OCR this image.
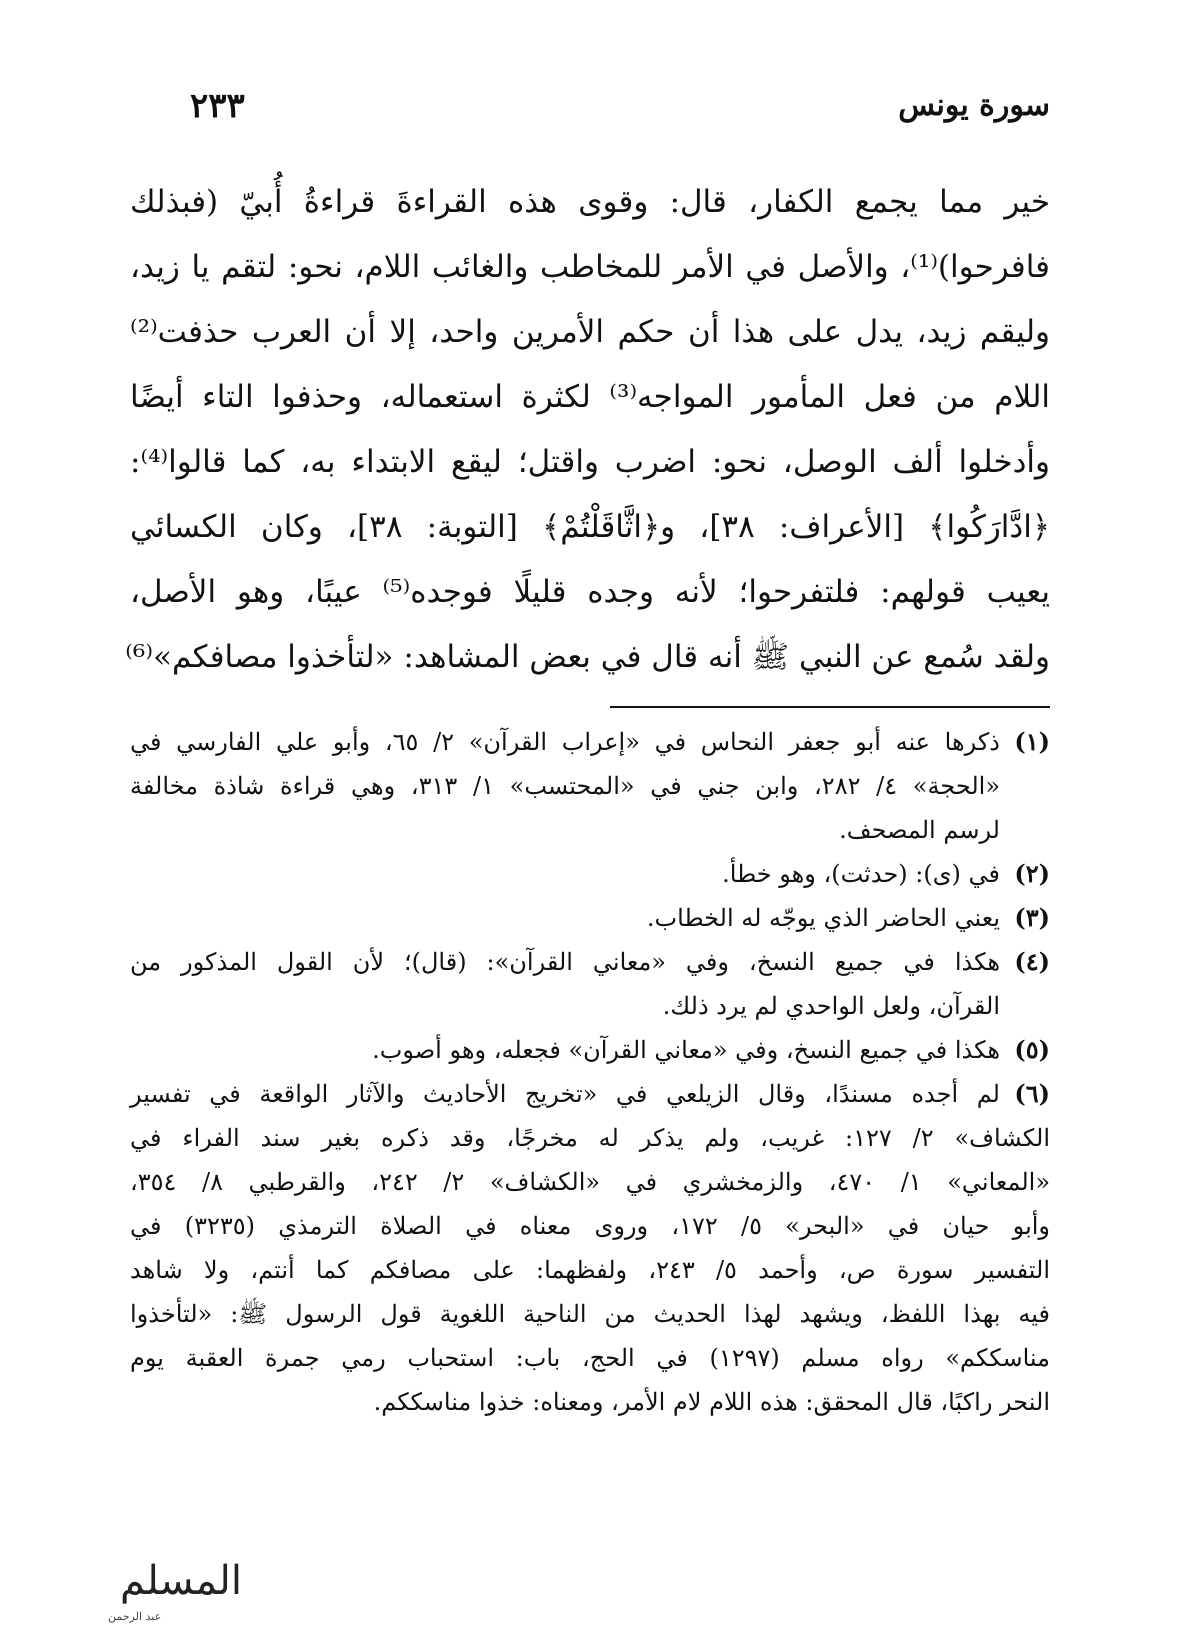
سورة يونس
٢٣٣
خير مما يجمع الكفار، قال: وقوى هذه القراءةَ قراءةُ أُبيّ (فبذلك
فافرحوا)⁽¹⁾، والأصل في الأمر للمخاطب والغائب اللام، نحو: لتقم يا زيد،
وليقم زيد، يدل على هذا أن حكم الأمرين واحد، إلا أن العرب حذفت⁽²⁾
اللام من فعل المأمور المواجه⁽³⁾ لكثرة استعماله، وحذفوا التاء أيضًا
وأدخلوا ألف الوصل، نحو: اضرب واقتل؛ ليقع الابتداء به، كما قالوا⁽⁴⁾:
﴿ادَّارَكُوا﴾ [الأعراف: ٣٨]، و﴿اثَّاقَلْتُمْ﴾ [التوبة: ٣٨]، وكان الكسائي
يعيب قولهم: فلتفرحوا؛ لأنه وجده قليلًا فوجده⁽⁵⁾ عيبًا، وهو الأصل،
ولقد سُمع عن النبي ﷺ أنه قال في بعض المشاهد: «لتأخذوا مصافكم»⁽⁶⁾
(١)ذكرها عنه أبو جعفر النحاس في «إعراب القرآن» ٢/ ٦٥، وأبو علي الفارسي في
«الحجة» ٤/ ٢٨٢، وابن جني في «المحتسب» ١/ ٣١٣، وهي قراءة شاذة مخالفة
لرسم المصحف.
(٢)في (ى): (حدثت)، وهو خطأ.
(٣)يعني الحاضر الذي يوجّه له الخطاب.
(٤)هكذا في جميع النسخ، وفي «معاني القرآن»: (قال)؛ لأن القول المذكور من
القرآن، ولعل الواحدي لم يرد ذلك.
(٥)هكذا في جميع النسخ، وفي «معاني القرآن» فجعله، وهو أصوب.
(٦)لم أجده مسندًا، وقال الزيلعي في «تخريج الأحاديث والآثار الواقعة في تفسير
الكشاف» ٢/ ١٢٧: غريب، ولم يذكر له مخرجًا، وقد ذكره بغير سند الفراء في
«المعاني» ١/ ٤٧٠، والزمخشري في «الكشاف» ٢/ ٢٤٢، والقرطبي ٨/ ٣٥٤،
وأبو حيان في «البحر» ٥/ ١٧٢، وروى معناه في الصلاة الترمذي (٣٢٣٥) في
التفسير سورة ص، وأحمد ٥/ ٢٤٣، ولفظهما: على مصافكم كما أنتم، ولا شاهد
فيه بهذا اللفظ، ويشهد لهذا الحديث من الناحية اللغوية قول الرسول ﷺ: «لتأخذوا
مناسككم» رواه مسلم (١٢٩٧) في الحج، باب: استحباب رمي جمرة العقبة يوم
النحر راكبًا، قال المحقق: هذه اللام لام الأمر، ومعناه: خذوا مناسككم.
المسلم
عبد الرحمن
